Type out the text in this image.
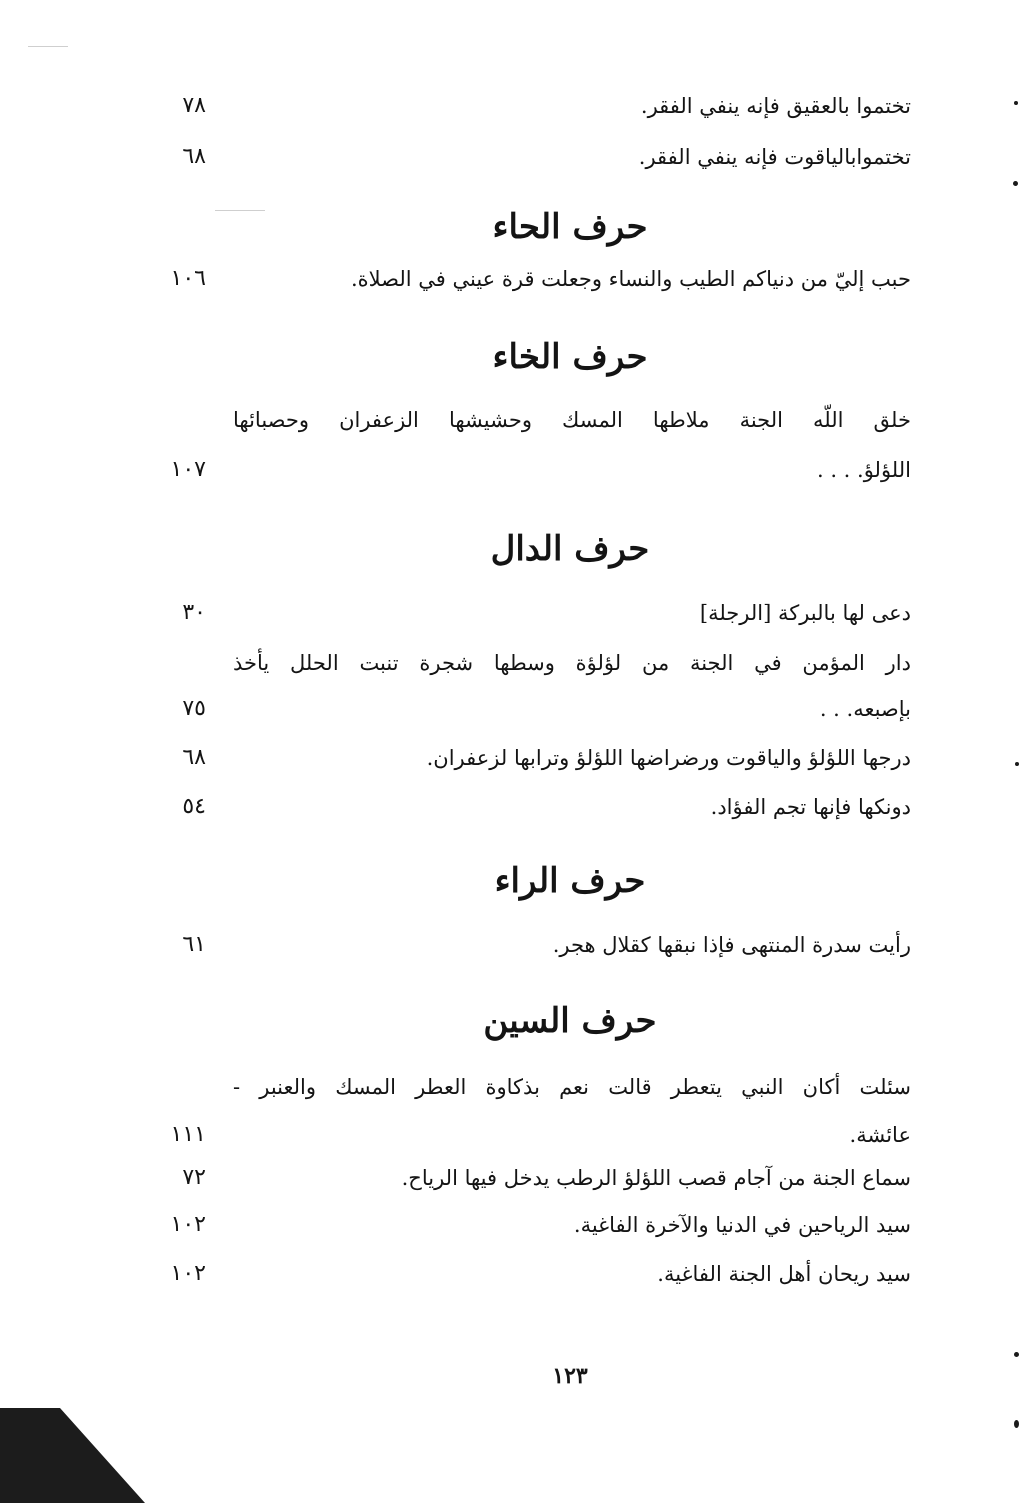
تختموا بالعقيق فإنه ينفي الفقر.
٧٨
تختموابالياقوت فإنه ينفي الفقر.
٦٨
حرف الحاء
حبب إليّ من دنياكم الطيب والنساء وجعلت قرة عيني في الصلاة.
١٠٦
حرف الخاء
خلق اللّه الجنة ملاطها المسك وحشيشها الزعفران وحصبائها
اللؤلؤ. . . .
١٠٧
حرف الدال
دعى لها بالبركة [الرجلة]
٣٠
دار المؤمن في الجنة من لؤلؤة وسطها شجرة تنبت الحلل يأخذ
بإصبعه. . .
٧٥
درجها اللؤلؤ والياقوت ورضراضها اللؤلؤ وترابها لزعفران.
٦٨
دونكها فإنها تجم الفؤاد.
٥٤
حرف الراء
رأيت سدرة المنتهى فإذا نبقها كقلال هجر.
٦١
حرف السين
سئلت أكان النبي يتعطر قالت نعم بذكاوة العطر المسك والعنبر -
عائشة.
١١١
سماع الجنة من آجام قصب اللؤلؤ الرطب يدخل فيها الرياح.
٧٢
سيد الرياحين في الدنيا والآخرة الفاغية.
١٠٢
سيد ريحان أهل الجنة الفاغية.
١٠٢
١٢٣
